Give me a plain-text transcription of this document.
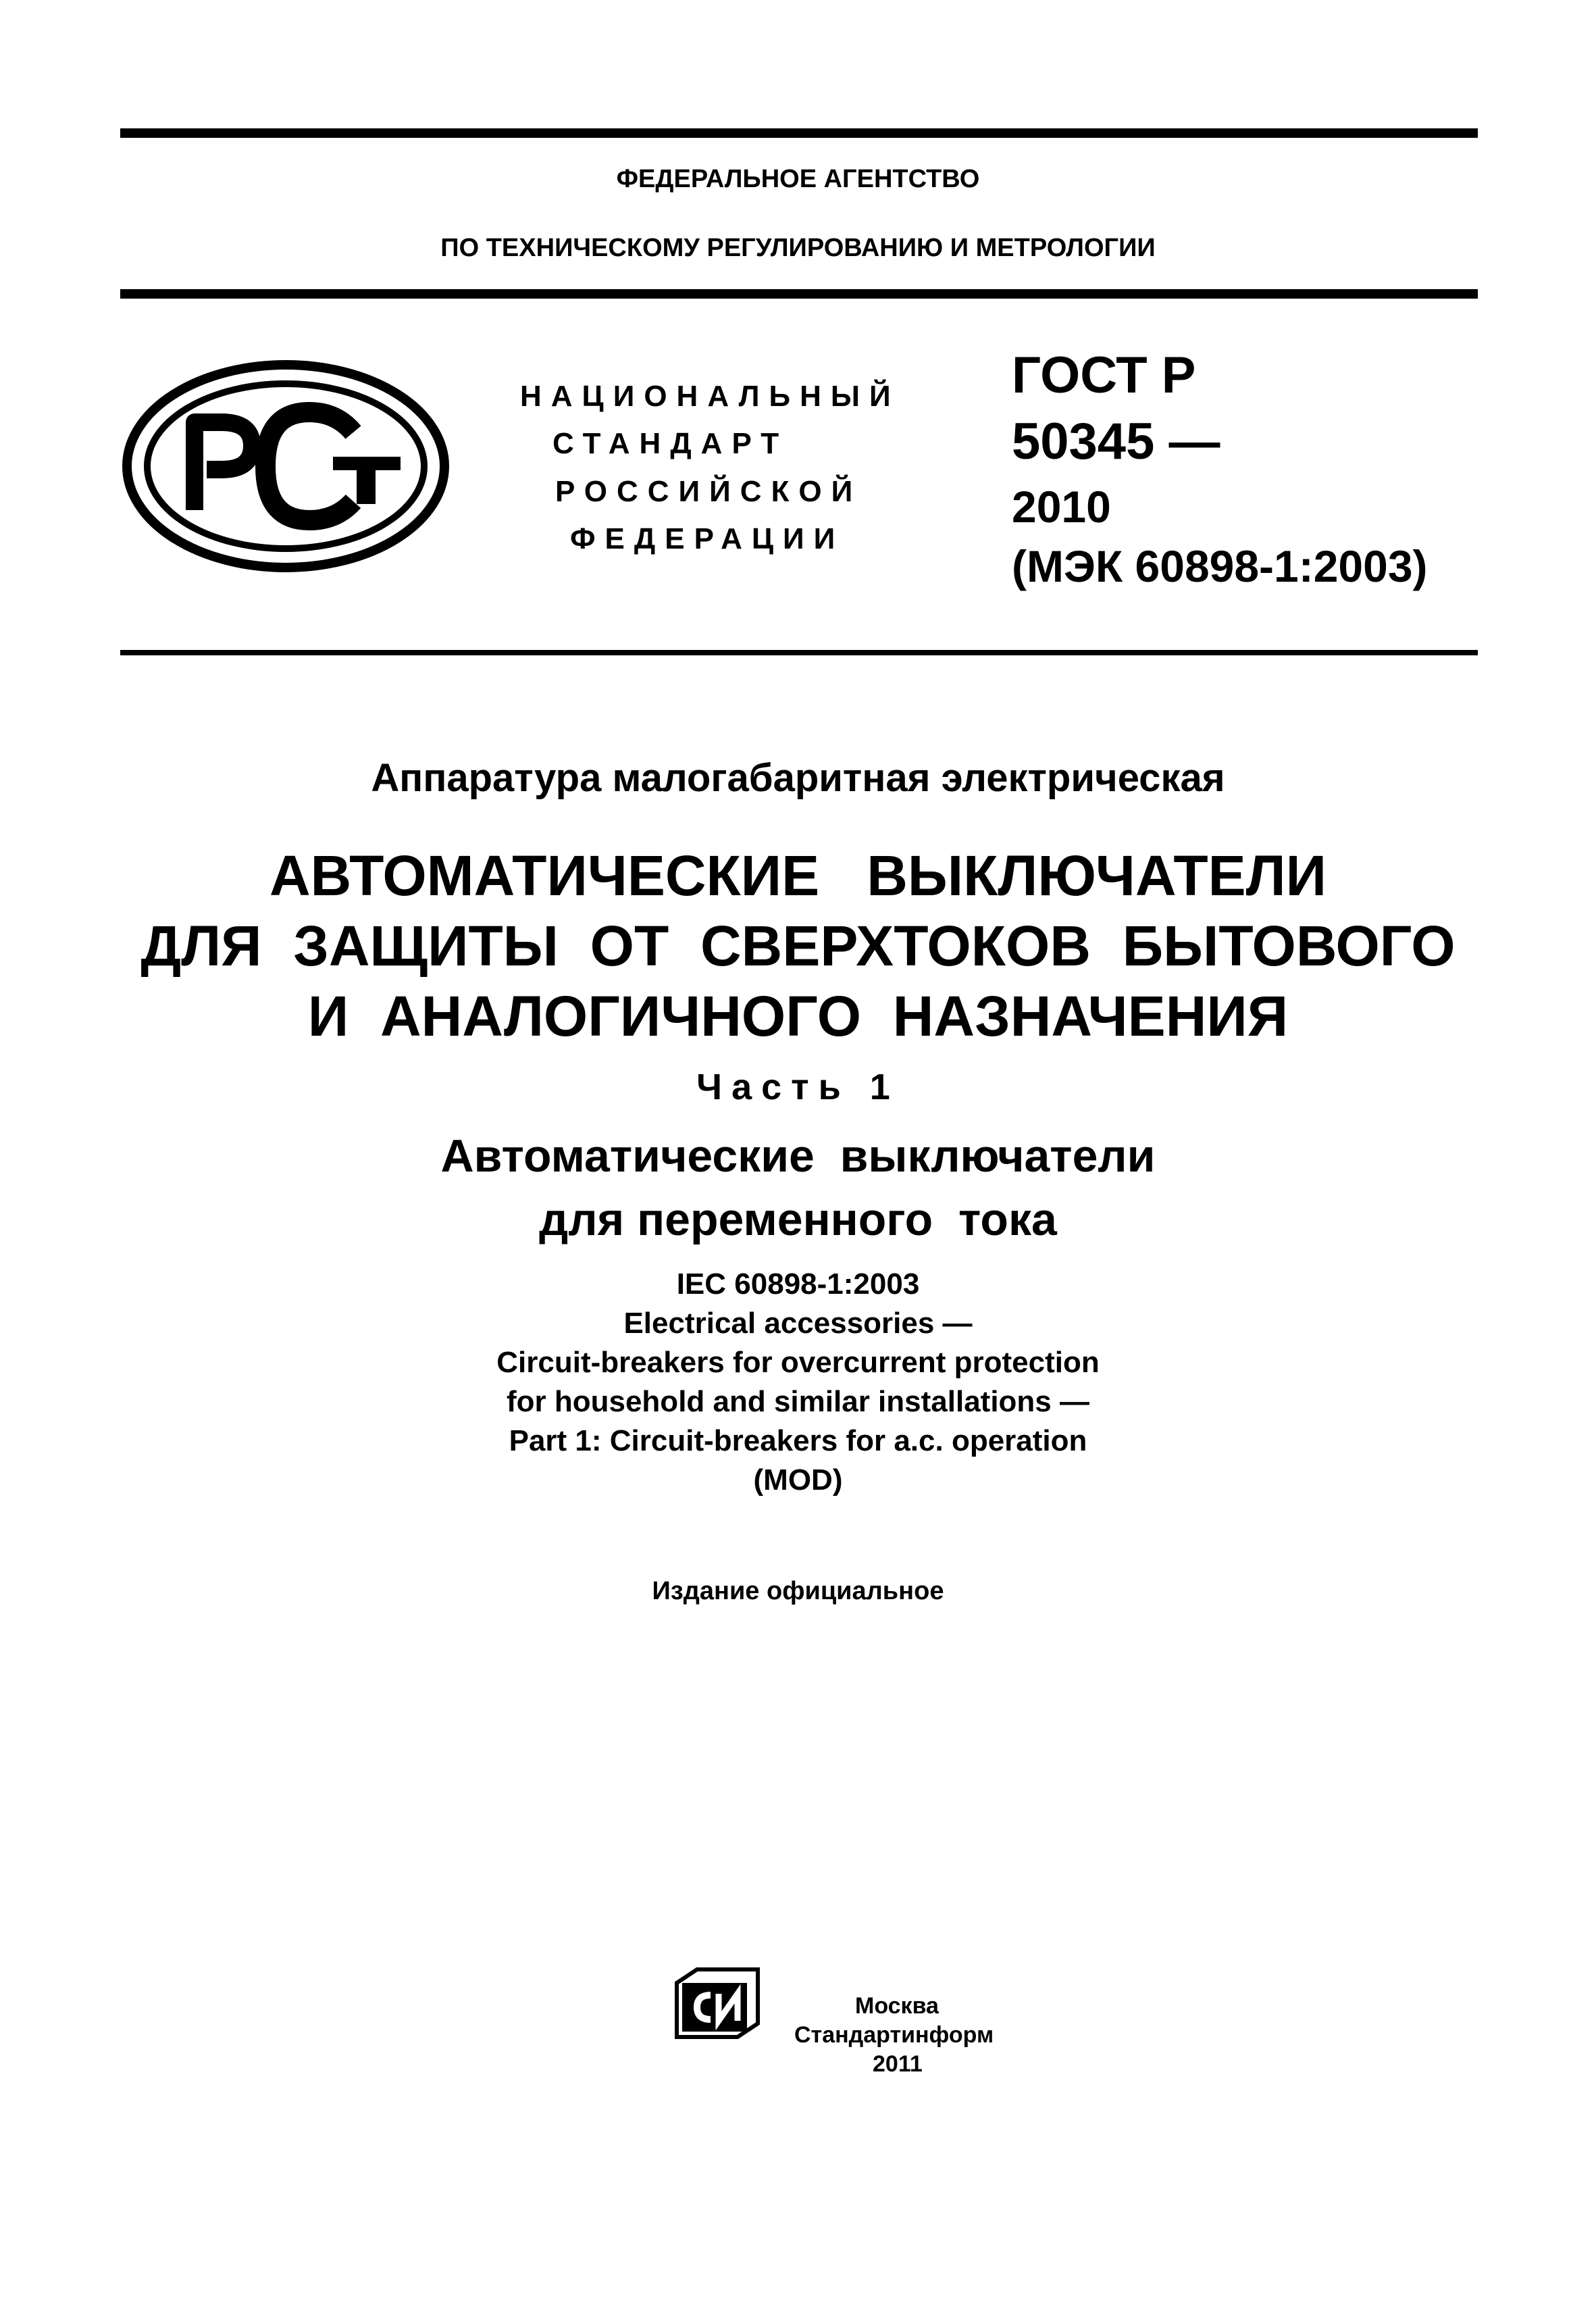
ФЕДЕРАЛЬНОЕ АГЕНТСТВО
ПО ТЕХНИЧЕСКОМУ РЕГУЛИРОВАНИЮ И МЕТРОЛОГИИ
НАЦИОНАЛЬНЫЙ
СТАНДАРТ
РОССИЙСКОЙ
ФЕДЕРАЦИИ
ГОСТ Р
50345 —
2010
(МЭК 60898-1:2003)
Аппаратура малогабаритная электрическая
АВТОМАТИЧЕСКИЕ   ВЫКЛЮЧАТЕЛИ
ДЛЯ  ЗАЩИТЫ  ОТ  СВЕРХТОКОВ  БЫТОВОГО
И  АНАЛОГИЧНОГО  НАЗНАЧЕНИЯ
Часть 1
Автоматические  выключатели
для переменного  тока
IEC 60898-1:2003
Electrical accessories —
Circuit-breakers for overcurrent protection
for household and similar installations —
Part 1: Circuit-breakers for a.c. operation
(MOD)
Издание официальное
Москва
Стандартинформ
2011
